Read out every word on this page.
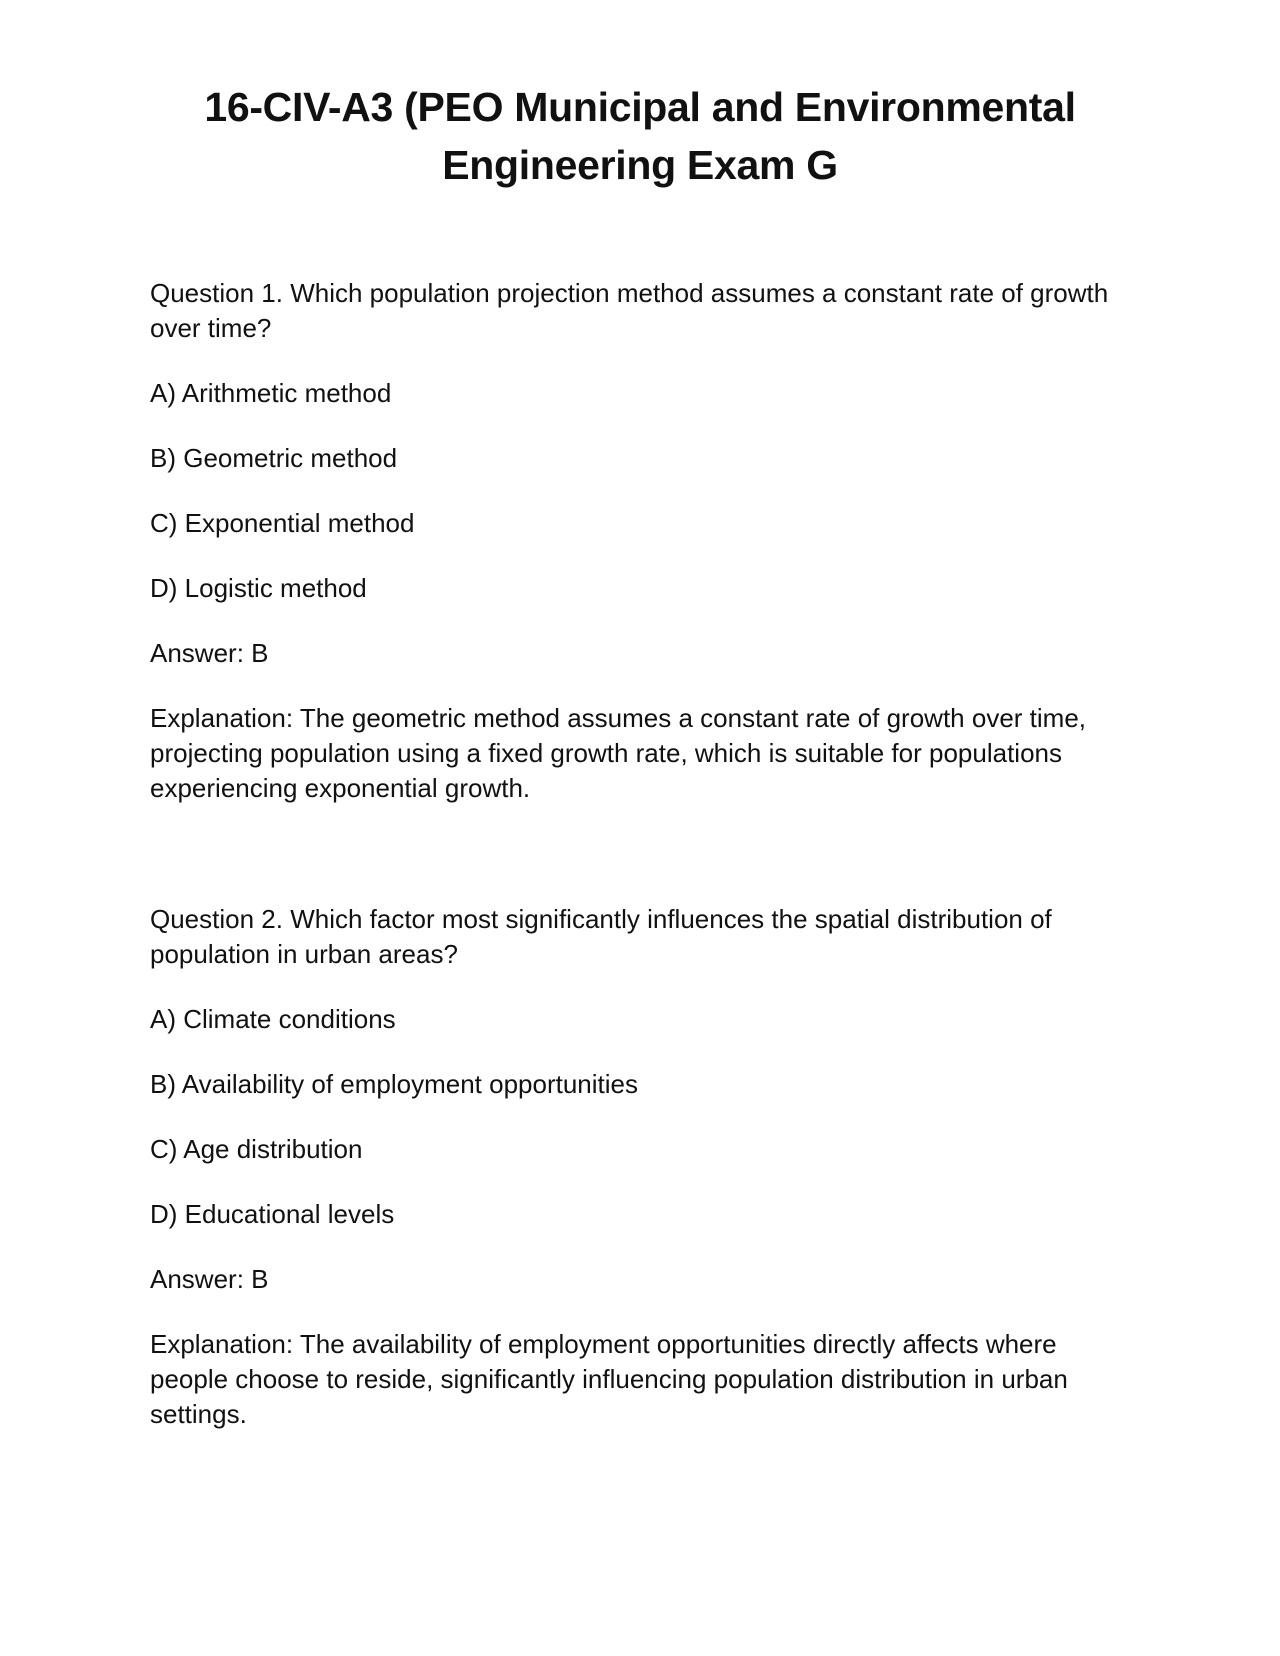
16-CIV-A3 (PEO Municipal and Environmental
Engineering Exam G

Question 1. Which population projection method assumes a constant rate of growth over time?

A) Arithmetic method

B) Geometric method

C) Exponential method

D) Logistic method

Answer: B

Explanation: The geometric method assumes a constant rate of growth over time, projecting population using a fixed growth rate, which is suitable for populations experiencing exponential growth.

Question 2. Which factor most significantly influences the spatial distribution of population in urban areas?

A) Climate conditions

B) Availability of employment opportunities

C) Age distribution

D) Educational levels

Answer: B

Explanation: The availability of employment opportunities directly affects where people choose to reside, significantly influencing population distribution in urban settings.
